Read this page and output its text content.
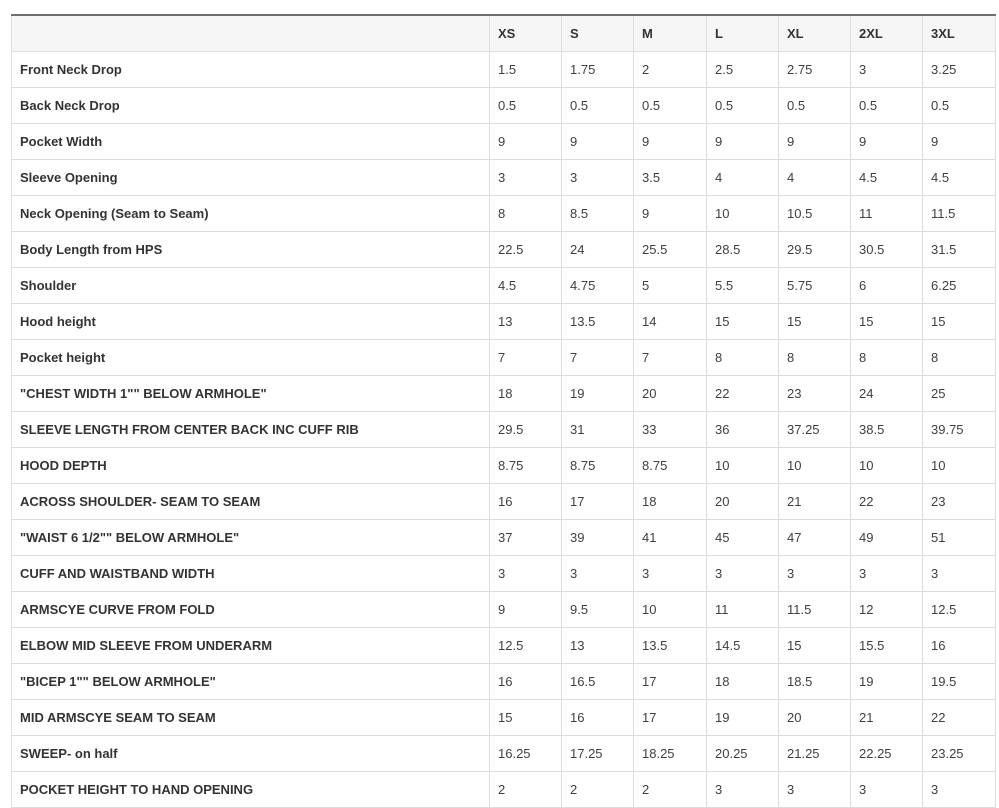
	XS	S	M	L	XL	2XL	3XL
Front Neck Drop	1.5	1.75	2	2.5	2.75	3	3.25
Back Neck Drop	0.5	0.5	0.5	0.5	0.5	0.5	0.5
Pocket Width	9	9	9	9	9	9	9
Sleeve Opening	3	3	3.5	4	4	4.5	4.5
Neck Opening (Seam to Seam)	8	8.5	9	10	10.5	11	11.5
Body Length from HPS	22.5	24	25.5	28.5	29.5	30.5	31.5
Shoulder	4.5	4.75	5	5.5	5.75	6	6.25
Hood height	13	13.5	14	15	15	15	15
Pocket height	7	7	7	8	8	8	8
"CHEST WIDTH 1"" BELOW ARMHOLE"	18	19	20	22	23	24	25
SLEEVE LENGTH FROM CENTER BACK INC CUFF RIB	29.5	31	33	36	37.25	38.5	39.75
HOOD DEPTH	8.75	8.75	8.75	10	10	10	10
ACROSS SHOULDER- SEAM TO SEAM	16	17	18	20	21	22	23
"WAIST 6 1/2"" BELOW ARMHOLE"	37	39	41	45	47	49	51
CUFF AND WAISTBAND WIDTH	3	3	3	3	3	3	3
ARMSCYE CURVE FROM FOLD	9	9.5	10	11	11.5	12	12.5
ELBOW MID SLEEVE FROM UNDERARM	12.5	13	13.5	14.5	15	15.5	16
"BICEP 1"" BELOW ARMHOLE"	16	16.5	17	18	18.5	19	19.5
MID ARMSCYE SEAM TO SEAM	15	16	17	19	20	21	22
SWEEP- on half	16.25	17.25	18.25	20.25	21.25	22.25	23.25
POCKET HEIGHT TO HAND OPENING	2	2	2	3	3	3	3
